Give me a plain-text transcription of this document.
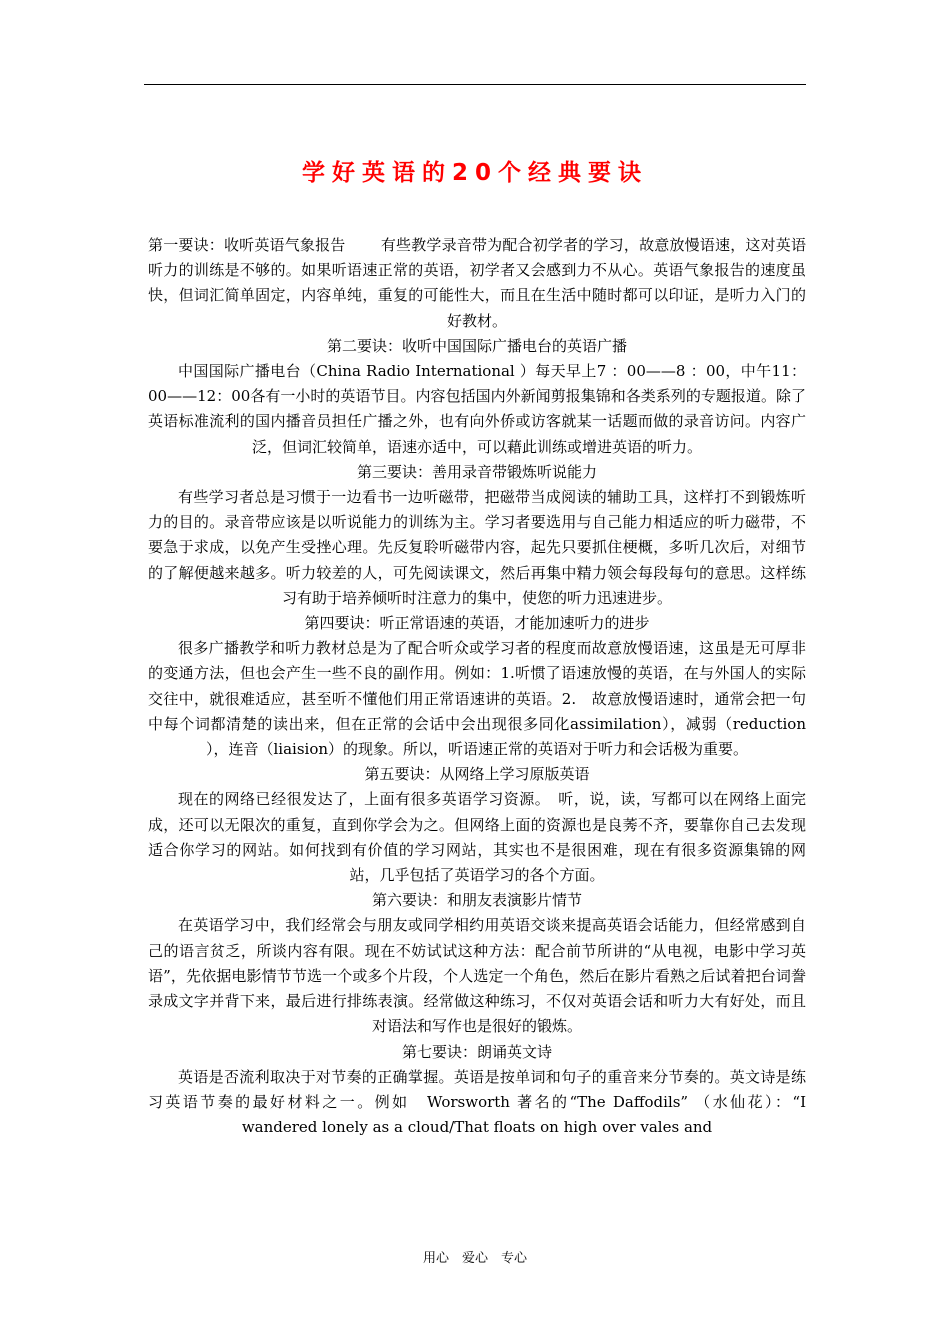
学好英语的20个经典要诀

第一要诀：收听英语气象报告　　 有些教学录音带为配合初学者的学习，故意放慢语速，这对英语听力的训练是不够的。如果听语速正常的英语，初学者又会感到力不从心。英语气象报告的速度虽快，但词汇简单固定，内容单纯，重复的可能性大，而且在生活中随时都可以印证，是听力入门的好教材。

第二要诀：收听中国国际广播电台的英语广播

中国国际广播电台（China Radio International ）每天早上7 ：00——8 ：00，中午11：00——12：00各有一小时的英语节目。内容包括国内外新闻剪报集锦和各类系列的专题报道。除了英语标准流利的国内播音员担任广播之外，也有向外侨或访客就某一话题而做的录音访问。内容广泛，但词汇较简单，语速亦适中，可以藉此训练或增进英语的听力。

第三要诀：善用录音带锻炼听说能力

有些学习者总是习惯于一边看书一边听磁带，把磁带当成阅读的辅助工具，这样打不到锻炼听力的目的。录音带应该是以听说能力的训练为主。学习者要选用与自己能力相适应的听力磁带，不要急于求成，以免产生受挫心理。先反复聆听磁带内容，起先只要抓住梗概，多听几次后，对细节的了解便越来越多。听力较差的人，可先阅读课文，然后再集中精力领会每段每句的意思。这样练习有助于培养倾听时注意力的集中，使您的听力迅速进步。

第四要诀：听正常语速的英语，才能加速听力的进步

很多广播教学和听力教材总是为了配合听众或学习者的程度而故意放慢语速，这虽是无可厚非的变通方法，但也会产生一些不良的副作用。例如：1.听惯了语速放慢的英语，在与外国人的实际交往中，就很难适应，甚至听不懂他们用正常语速讲的英语。2.　故意放慢语速时，通常会把一句中每个词都清楚的读出来，但在正常的会话中会出现很多同化assimilation），减弱（reduction ），连音（liaision）的现象。所以，听语速正常的英语对于听力和会话极为重要。

第五要诀：从网络上学习原版英语

现在的网络已经很发达了，上面有很多英语学习资源。　听，说，读，写都可以在网络上面完成，还可以无限次的重复，直到你学会为之。但网络上面的资源也是良莠不齐，要靠你自己去发现适合你学习的网站。如何找到有价值的学习网站，其实也不是很困难，现在有很多资源集锦的网站，几乎包括了英语学习的各个方面。

第六要诀：和朋友表演影片情节

在英语学习中，我们经常会与朋友或同学相约用英语交谈来提高英语会话能力，但经常感到自己的语言贫乏，所谈内容有限。现在不妨试试这种方法：配合前节所讲的“从电视，电影中学习英语”，先依据电影情节节选一个或多个片段，个人选定一个角色，然后在影片看熟之后试着把台词誊录成文字并背下来，最后进行排练表演。经常做这种练习，不仅对英语会话和听力大有好处，而且对语法和写作也是很好的锻炼。

第七要诀：朗诵英文诗

英语是否流利取决于对节奏的正确掌握。英语是按单词和句子的重音来分节奏的。英文诗是练习英语节奏的最好材料之一。例如　Worsworth 著名的“The Daffodils” （水仙花）：“I wandered lonely as a cloud/That floats on high over vales and

用心　爱心　专心
